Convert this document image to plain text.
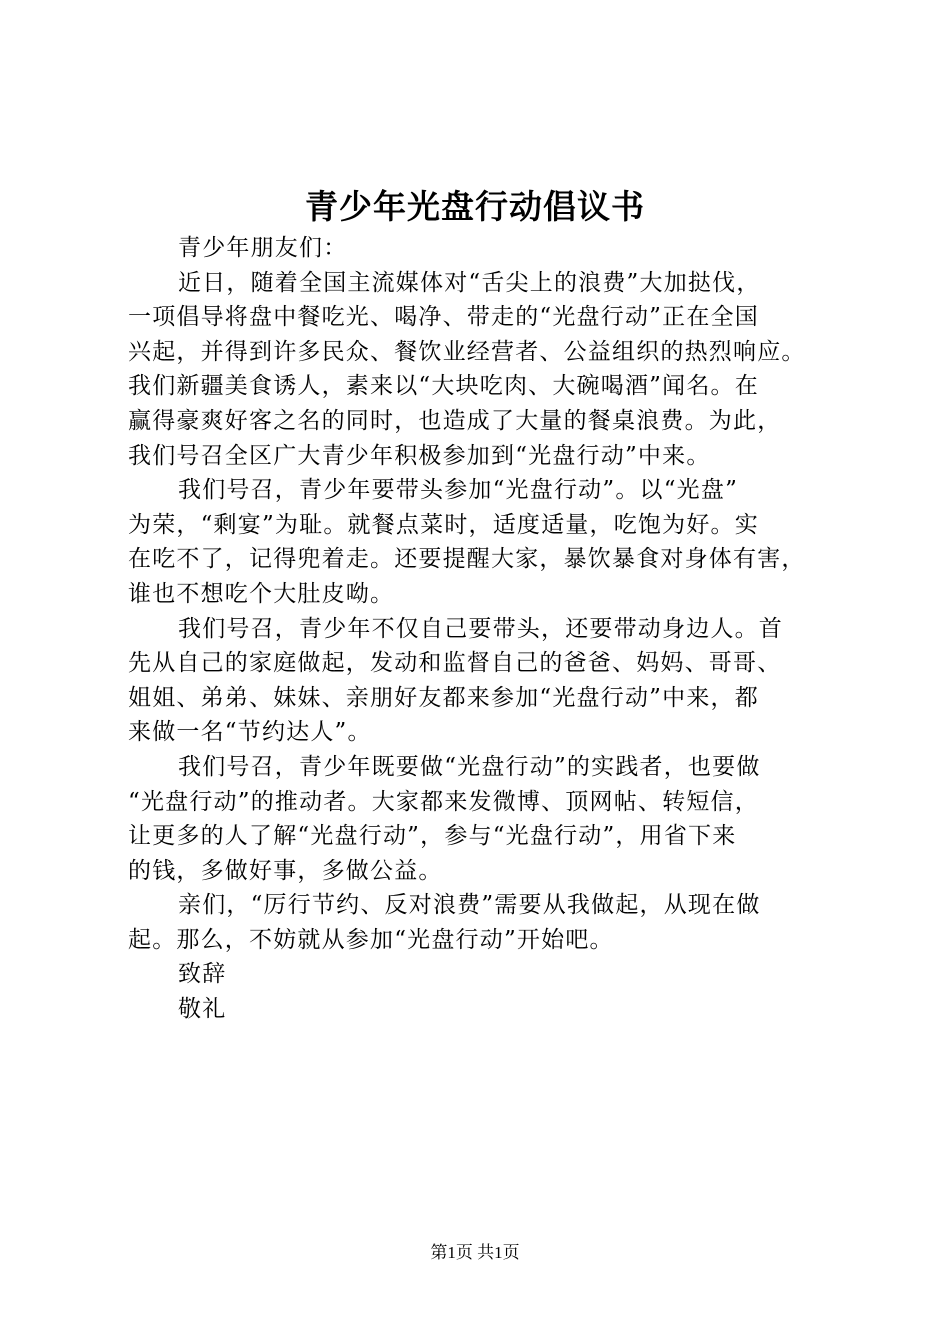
青少年光盘行动倡议书
青少年朋友们：
近日，随着全国主流媒体对“舌尖上的浪费”大加挞伐，
一项倡导将盘中餐吃光、喝净、带走的“光盘行动”正在全国
兴起，并得到许多民众、餐饮业经营者、公益组织的热烈响应。
我们新疆美食诱人，素来以“大块吃肉、大碗喝酒”闻名。在
赢得豪爽好客之名的同时，也造成了大量的餐桌浪费。为此，
我们号召全区广大青少年积极参加到“光盘行动”中来。
我们号召，青少年要带头参加“光盘行动”。以“光盘”
为荣，“剩宴”为耻。就餐点菜时，适度适量，吃饱为好。实
在吃不了，记得兜着走。还要提醒大家，暴饮暴食对身体有害，
谁也不想吃个大肚皮呦。
我们号召，青少年不仅自己要带头，还要带动身边人。首
先从自己的家庭做起，发动和监督自己的爸爸、妈妈、哥哥、
姐姐、弟弟、妹妹、亲朋好友都来参加“光盘行动”中来，都
来做一名“节约达人”。
我们号召，青少年既要做“光盘行动”的实践者，也要做
“光盘行动”的推动者。大家都来发微博、顶网帖、转短信，
让更多的人了解“光盘行动”，参与“光盘行动”，用省下来
的钱，多做好事，多做公益。
亲们，“厉行节约、反对浪费”需要从我做起，从现在做
起。那么，不妨就从参加“光盘行动”开始吧。
致辞
敬礼
第1页 共1页
